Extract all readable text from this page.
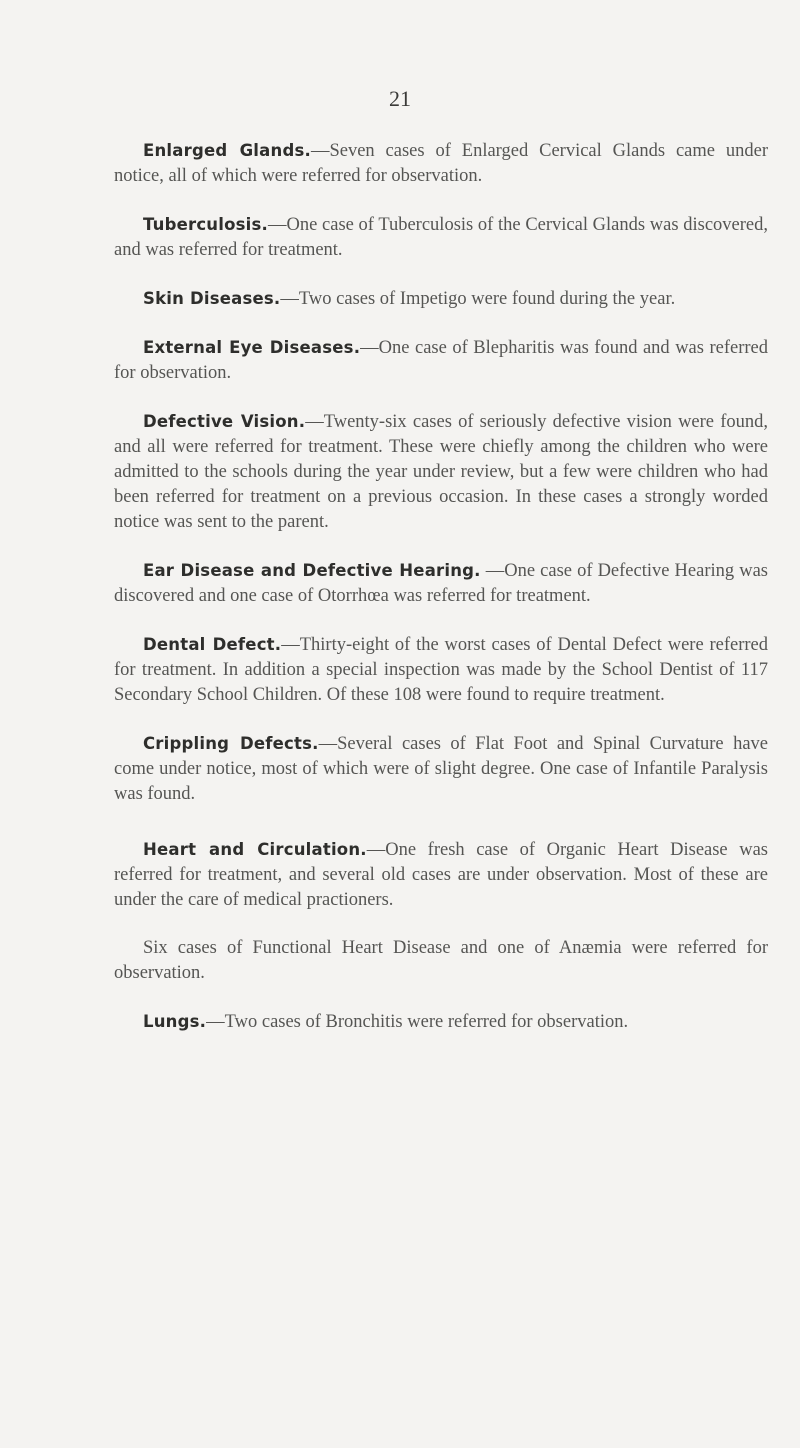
21

Enlarged Glands.—Seven cases of Enlarged Cervical Glands came under notice, all of which were referred for observation.

Tuberculosis.—One case of Tuberculosis of the Cervical Glands was discovered, and was referred for treatment.

Skin Diseases.—Two cases of Impetigo were found during the year.

External Eye Diseases.—One case of Blepharitis was found and was referred for observation.

Defective Vision.—Twenty-six cases of seriously defective vision were found, and all were referred for treatment. These were chiefly among the children who were admitted to the schools during the year under review, but a few were children who had been referred for treatment on a previous occasion. In these cases a strongly worded notice was sent to the parent.

Ear Disease and Defective Hearing. —One case of Defective Hearing was discovered and one case of Otorrhœa was referred for treatment.

Dental Defect.—Thirty-eight of the worst cases of Dental Defect were referred for treatment. In addition a special inspection was made by the School Dentist of 117 Secondary School Children. Of these 108 were found to require treatment.

Crippling Defects.—Several cases of Flat Foot and Spinal Curvature have come under notice, most of which were of slight degree. One case of Infantile Paralysis was found.

Heart and Circulation.—One fresh case of Organic Heart Disease was referred for treatment, and several old cases are under observation. Most of these are under the care of medical practioners.

Six cases of Functional Heart Disease and one of Anæmia were referred for observation.

Lungs.—Two cases of Bronchitis were referred for observation.
